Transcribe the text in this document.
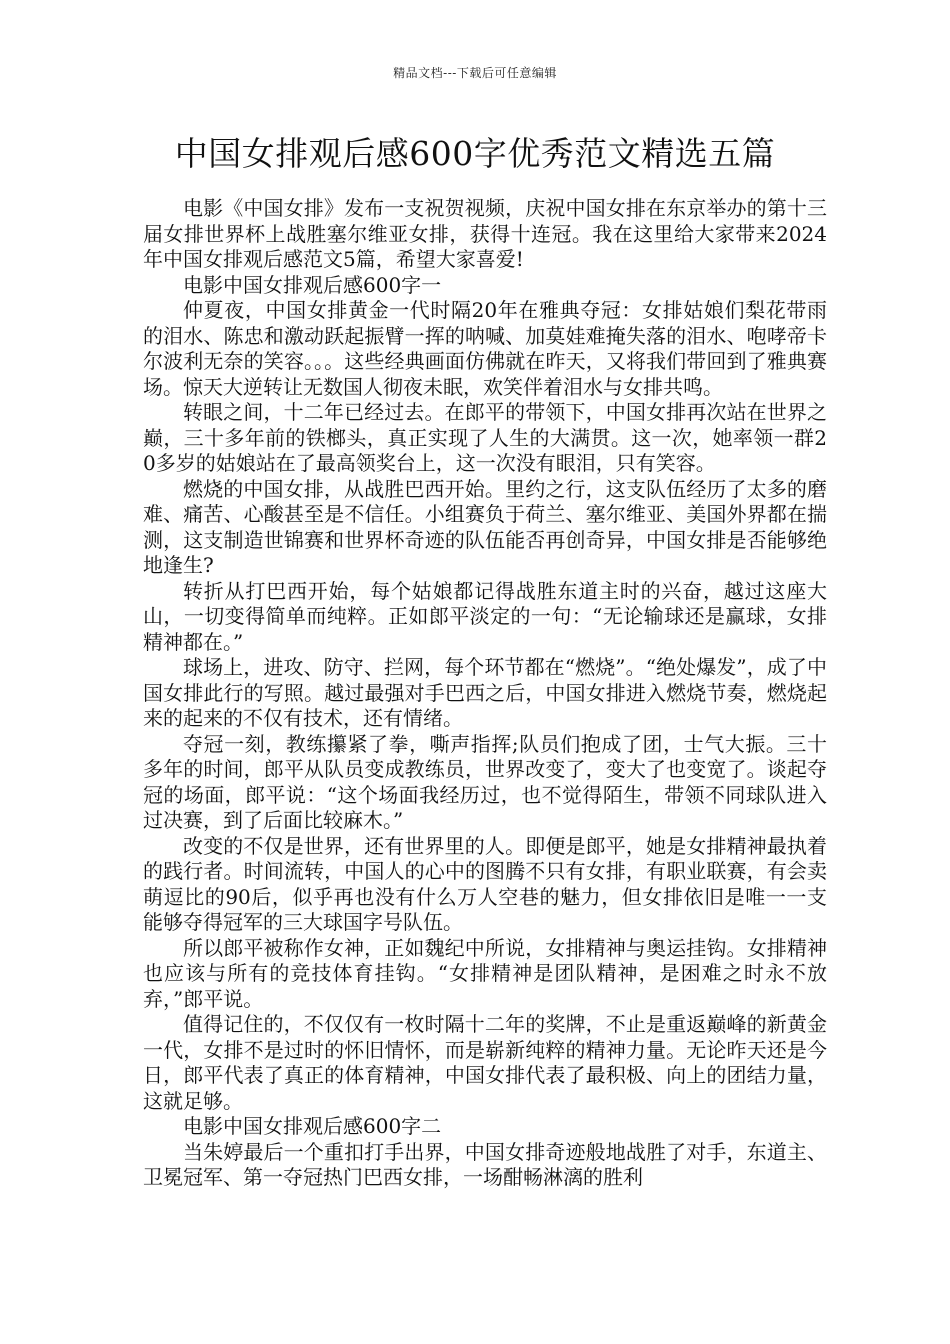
精品文档---下载后可任意编辑
中国女排观后感600字优秀范文精选五篇

电影《中国女排》发布一支祝贺视频，庆祝中国女排在东京举办的第十三届女排世界杯上战胜塞尔维亚女排，获得十连冠。我在这里给大家带来2024年中国女排观后感范文5篇，希望大家喜爱!

电影中国女排观后感600字一

仲夏夜，中国女排黄金一代时隔20年在雅典夺冠：女排姑娘们梨花带雨的泪水、陈忠和激动跃起振臂一挥的呐喊、加莫娃难掩失落的泪水、咆哮帝卡尔波利无奈的笑容。。。这些经典画面仿佛就在昨天，又将我们带回到了雅典赛场。惊天大逆转让无数国人彻夜未眠，欢笑伴着泪水与女排共鸣。

转眼之间，十二年已经过去。在郎平的带领下，中国女排再次站在世界之巅，三十多年前的铁榔头，真正实现了人生的大满贯。这一次，她率领一群20多岁的姑娘站在了最高领奖台上，这一次没有眼泪，只有笑容。

燃烧的中国女排，从战胜巴西开始。里约之行，这支队伍经历了太多的磨难、痛苦、心酸甚至是不信任。小组赛负于荷兰、塞尔维亚、美国外界都在揣测，这支制造世锦赛和世界杯奇迹的队伍能否再创奇异，中国女排是否能够绝地逢生?

转折从打巴西开始，每个姑娘都记得战胜东道主时的兴奋，越过这座大山，一切变得简单而纯粹。正如郎平淡定的一句：“无论输球还是赢球，女排精神都在。”

球场上，进攻、防守、拦网，每个环节都在“燃烧”。“绝处爆发”，成了中国女排此行的写照。越过最强对手巴西之后，中国女排进入燃烧节奏，燃烧起来的起来的不仅有技术，还有情绪。

夺冠一刻，教练攥紧了拳，嘶声指挥;队员们抱成了团，士气大振。三十多年的时间，郎平从队员变成教练员，世界改变了，变大了也变宽了。谈起夺冠的场面，郎平说：“这个场面我经历过，也不觉得陌生，带领不同球队进入过决赛，到了后面比较麻木。”

改变的不仅是世界，还有世界里的人。即便是郎平，她是女排精神最执着的践行者。时间流转，中国人的心中的图腾不只有女排，有职业联赛，有会卖萌逗比的90后，似乎再也没有什么万人空巷的魅力，但女排依旧是唯一一支能够夺得冠军的三大球国字号队伍。

所以郎平被称作女神，正如魏纪中所说，女排精神与奥运挂钩。女排精神也应该与所有的竞技体育挂钩。“女排精神是团队精神，是困难之时永不放弃，”郎平说。

值得记住的，不仅仅有一枚时隔十二年的奖牌，不止是重返巅峰的新黄金一代，女排不是过时的怀旧情怀，而是崭新纯粹的精神力量。无论昨天还是今日，郎平代表了真正的体育精神，中国女排代表了最积极、向上的团结力量，这就足够。

电影中国女排观后感600字二

当朱婷最后一个重扣打手出界，中国女排奇迹般地战胜了对手，东道主、卫冕冠军、第一夺冠热门巴西女排，一场酣畅淋漓的胜利
